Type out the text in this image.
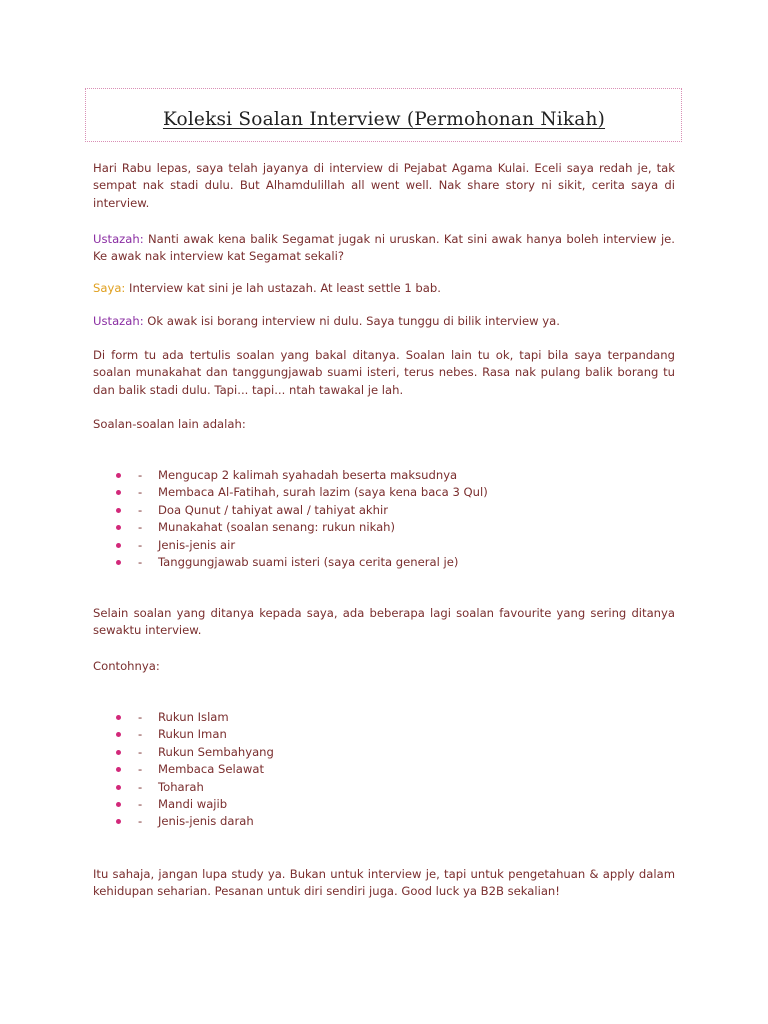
Koleksi Soalan Interview (Permohonan Nikah)
Hari Rabu lepas, saya telah jayanya di interview di Pejabat Agama Kulai. Eceli saya redah je, tak sempat nak stadi dulu. But Alhamdulillah all went well. Nak share story ni sikit, cerita saya di interview.
Ustazah: Nanti awak kena balik Segamat jugak ni uruskan. Kat sini awak hanya boleh interview je. Ke awak nak interview kat Segamat sekali?
Saya: Interview kat sini je lah ustazah. At least settle 1 bab.
Ustazah: Ok awak isi borang interview ni dulu. Saya tunggu di bilik interview ya.
Di form tu ada tertulis soalan yang bakal ditanya. Soalan lain tu ok, tapi bila saya terpandang soalan munakahat dan tanggungjawab suami isteri, terus nebes. Rasa nak pulang balik borang tu dan balik stadi dulu. Tapi... tapi... ntah tawakal je lah.
Soalan-soalan lain adalah:
- Mengucap 2 kalimah syahadah beserta maksudnya
- Membaca Al-Fatihah, surah lazim (saya kena baca 3 Qul)
- Doa Qunut / tahiyat awal / tahiyat akhir
- Munakahat (soalan senang: rukun nikah)
- Jenis-jenis air
- Tanggungjawab suami isteri (saya cerita general je)
Selain soalan yang ditanya kepada saya, ada beberapa lagi soalan favourite yang sering ditanya sewaktu interview.
Contohnya:
- Rukun Islam
- Rukun Iman
- Rukun Sembahyang
- Membaca Selawat
- Toharah
- Mandi wajib
- Jenis-jenis darah
Itu sahaja, jangan lupa study ya. Bukan untuk interview je, tapi untuk pengetahuan & apply dalam kehidupan seharian. Pesanan untuk diri sendiri juga. Good luck ya B2B sekalian!
